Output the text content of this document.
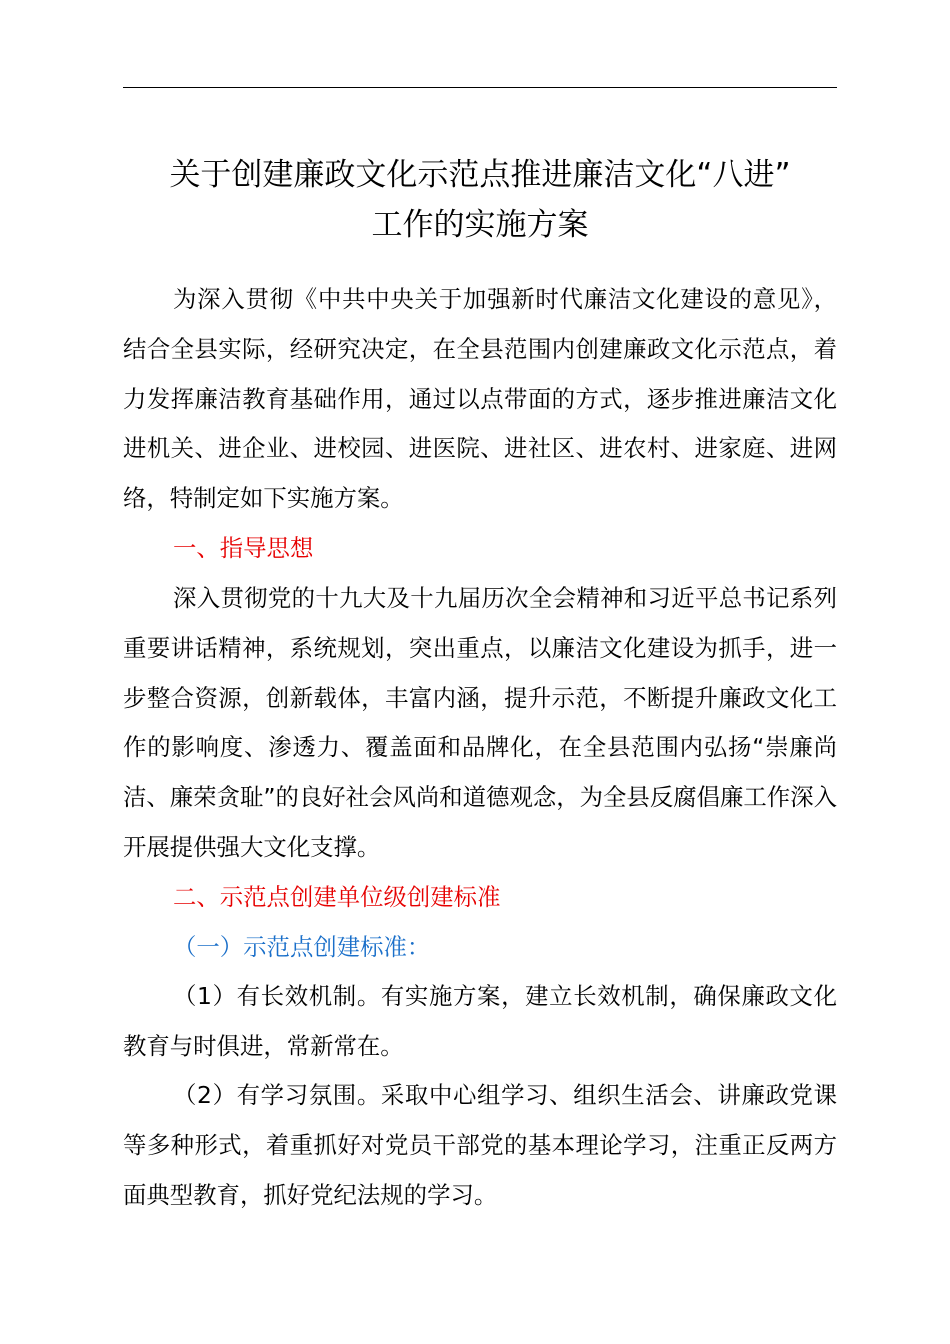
关于创建廉政文化示范点推进廉洁文化“八进”
工作的实施方案

为深入贯彻《中共中央关于加强新时代廉洁文化建设的意见》，结合全县实际，经研究决定，在全县范围内创建廉政文化示范点，着力发挥廉洁教育基础作用，通过以点带面的方式，逐步推进廉洁文化进机关、进企业、进校园、进医院、进社区、进农村、进家庭、进网络，特制定如下实施方案。

一、指导思想

深入贯彻党的十九大及十九届历次全会精神和习近平总书记系列重要讲话精神，系统规划，突出重点，以廉洁文化建设为抓手，进一步整合资源，创新载体，丰富内涵，提升示范，不断提升廉政文化工作的影响度、渗透力、覆盖面和品牌化，在全县范围内弘扬“崇廉尚洁、廉荣贪耻”的良好社会风尚和道德观念，为全县反腐倡廉工作深入开展提供强大文化支撑。

二、示范点创建单位级创建标准
（一）示范点创建标准：

（1）有长效机制。有实施方案，建立长效机制，确保廉政文化教育与时俱进，常新常在。

（2）有学习氛围。采取中心组学习、组织生活会、讲廉政党课等多种形式，着重抓好对党员干部党的基本理论学习，注重正反两方面典型教育，抓好党纪法规的学习。
